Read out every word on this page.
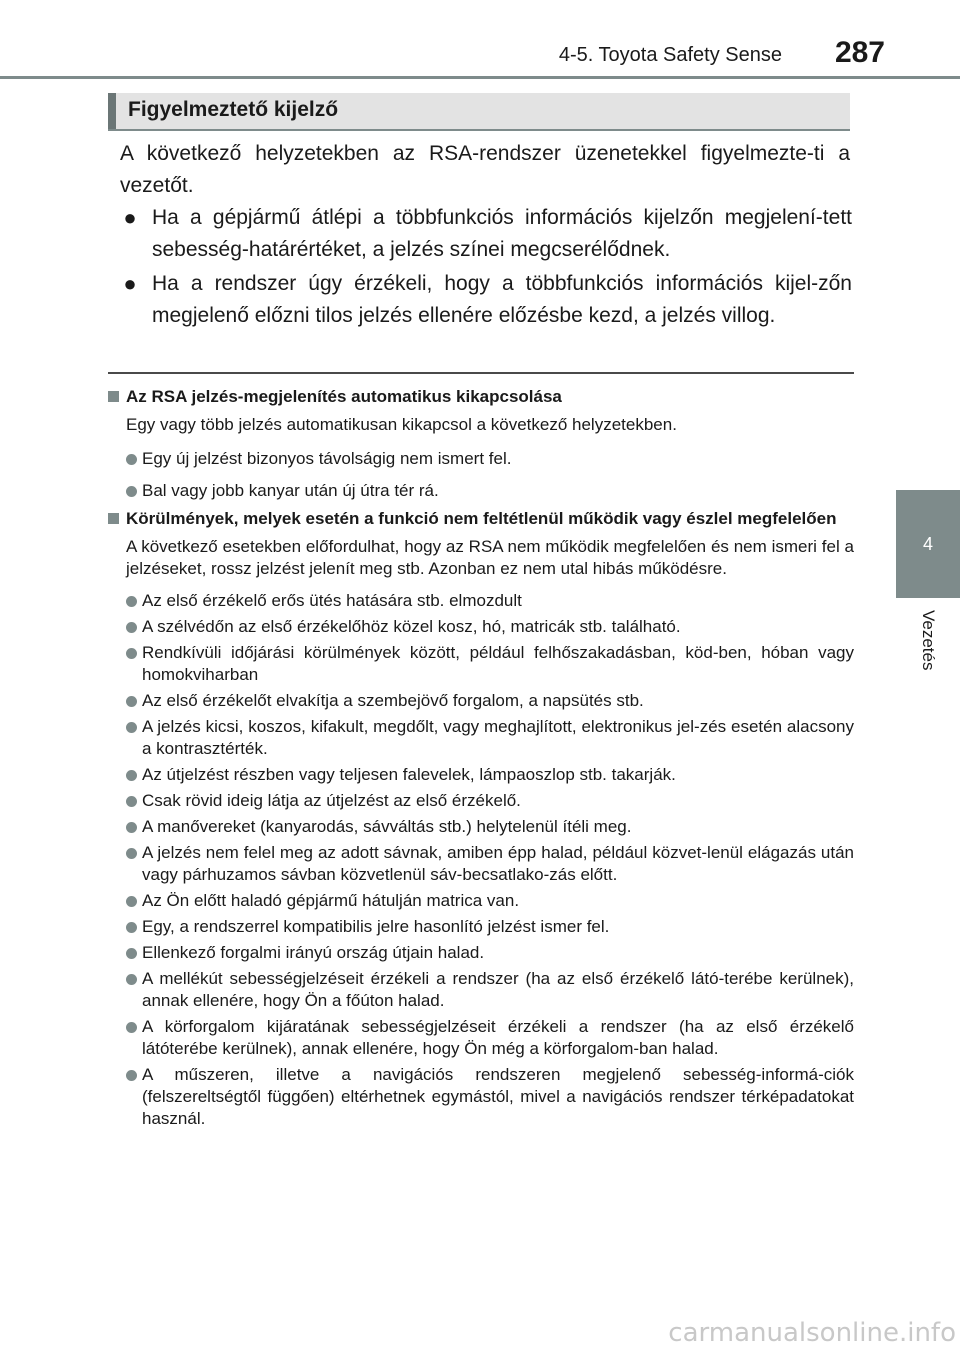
4-5. Toyota Safety Sense 287
4
Vezetés
Figyelmeztető kijelző
A következő helyzetekben az RSA-rendszer üzenetekkel figyelmezte-ti a vezetőt.
● Ha a gépjármű átlépi a többfunkciós információs kijelzőn megjelení-tett sebesség-határértéket, a jelzés színei megcserélődnek.
● Ha a rendszer úgy érzékeli, hogy a többfunkciós információs kijel-zőn megjelenő előzni tilos jelzés ellenére előzésbe kezd, a jelzés villog.
Az RSA jelzés-megjelenítés automatikus kikapcsolása
Egy vagy több jelzés automatikusan kikapcsol a következő helyzetekben.
Egy új jelzést bizonyos távolságig nem ismert fel.
Bal vagy jobb kanyar után új útra tér rá.
Körülmények, melyek esetén a funkció nem feltétlenül működik vagy észlel megfelelően
A következő esetekben előfordulhat, hogy az RSA nem működik megfelelően és nem ismeri fel a jelzéseket, rossz jelzést jelenít meg stb. Azonban ez nem utal hibás működésre.
Az első érzékelő erős ütés hatására stb. elmozdult
A szélvédőn az első érzékelőhöz közel kosz, hó, matricák stb. található.
Rendkívüli időjárási körülmények között, például felhőszakadásban, köd-ben, hóban vagy homokviharban
Az első érzékelőt elvakítja a szembejövő forgalom, a napsütés stb.
A jelzés kicsi, koszos, kifakult, megdőlt, vagy meghajlított, elektronikus jel-zés esetén alacsony a kontrasztérték.
Az útjelzést részben vagy teljesen falevelek, lámpaoszlop stb. takarják.
Csak rövid ideig látja az útjelzést az első érzékelő.
A manővereket (kanyarodás, sávváltás stb.) helytelenül ítéli meg.
A jelzés nem felel meg az adott sávnak, amiben épp halad, például közvet-lenül elágazás után vagy párhuzamos sávban közvetlenül sáv-becsatlako-zás előtt.
Az Ön előtt haladó gépjármű hátulján matrica van.
Egy, a rendszerrel kompatibilis jelre hasonlító jelzést ismer fel.
Ellenkező forgalmi irányú ország útjain halad.
A mellékút sebességjelzéseit érzékeli a rendszer (ha az első érzékelő látó-terébe kerülnek), annak ellenére, hogy Ön a főúton halad.
A körforgalom kijáratának sebességjelzéseit érzékeli a rendszer (ha az első érzékelő látóterébe kerülnek), annak ellenére, hogy Ön még a körforgalom-ban halad.
A műszeren, illetve a navigációs rendszeren megjelenő sebesség-informá-ciók (felszereltségtől függően) eltérhetnek egymástól, mivel a navigációs rendszer térképadatokat használ.
carmanualsonline.info
